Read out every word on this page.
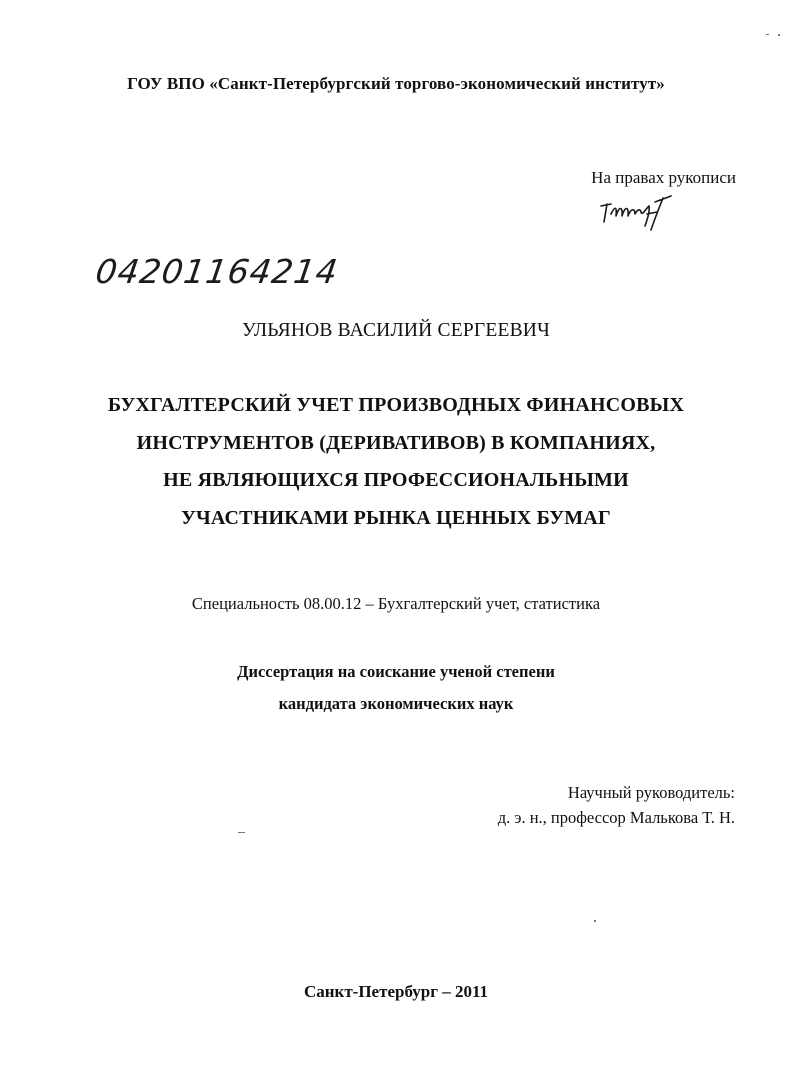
ГОУ ВПО «Санкт-Петербургский торгово-экономический институт»
На правах рукописи
04201164214
УЛЬЯНОВ ВАСИЛИЙ СЕРГЕЕВИЧ
БУХГАЛТЕРСКИЙ УЧЕТ ПРОИЗВОДНЫХ ФИНАНСОВЫХ
ИНСТРУМЕНТОВ (ДЕРИВАТИВОВ) В КОМПАНИЯХ,
НЕ ЯВЛЯЮЩИХСЯ ПРОФЕССИОНАЛЬНЫМИ
УЧАСТНИКАМИ РЫНКА ЦЕННЫХ БУМАГ
Специальность 08.00.12 – Бухгалтерский учет, статистика
Диссертация на соискание ученой степени
кандидата экономических наук
Научный руководитель:
д. э. н., профессор Малькова Т. Н.
Санкт-Петербург – 2011
